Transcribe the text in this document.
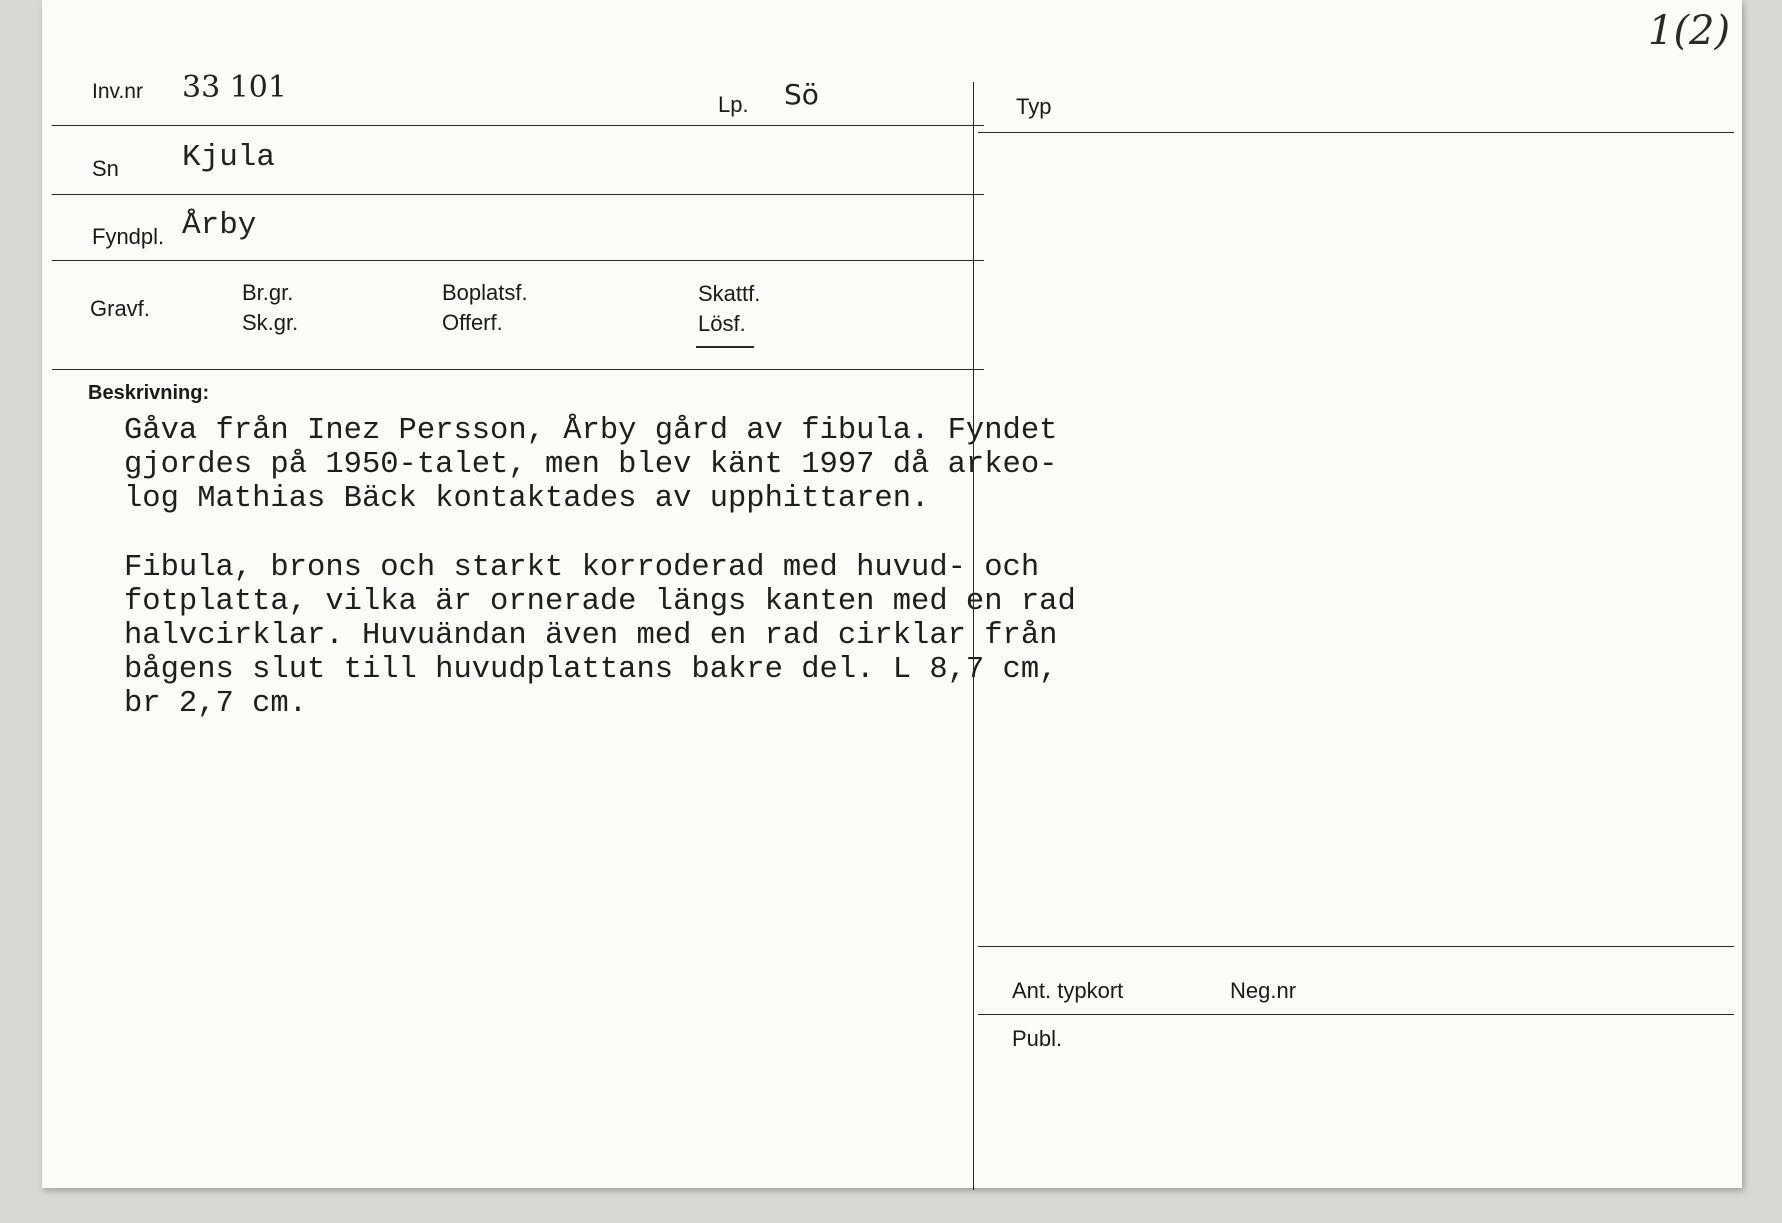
1(2)
Inv.nr 33 101	Lp. Sö	Typ
Sn Kjula
Fyndpl. Årby
Gravf.
Br.gr.
Sk.gr.
Boplatsf.
Offerf.
Skattf.
Lösf.
Beskrivning:
Gåva från Inez Persson, Årby gård av fibula. Fyndet
gjordes på 1950-talet, men blev känt 1997 då arkeo-
log Mathias Bäck kontaktades av upphittaren.
Fibula, brons och starkt korroderad med huvud- och
fotplatta, vilka är ornerade längs kanten med en rad
halvcirklar. Huvuändan även med en rad cirklar från
bågens slut till huvudplattans bakre del. L 8,7 cm,
br 2,7 cm.
Ant. typkort	Neg.nr
Publ.
